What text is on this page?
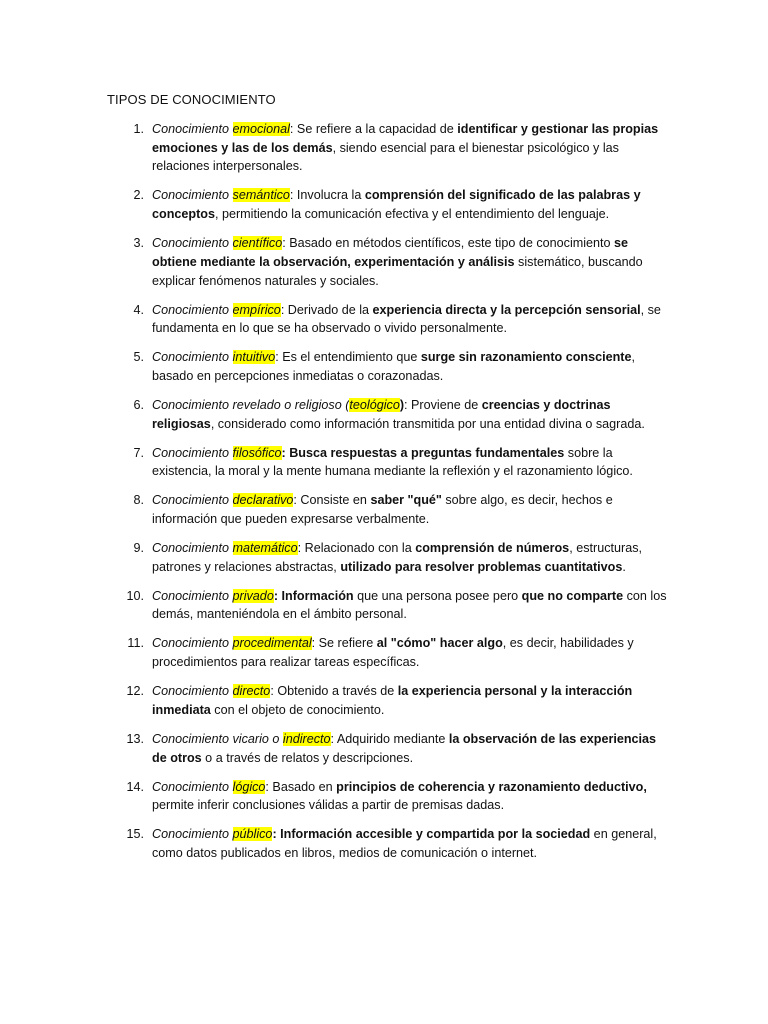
TIPOS DE CONOCIMIENTO
1. Conocimiento emocional: Se refiere a la capacidad de identificar y gestionar las propias emociones y las de los demás, siendo esencial para el bienestar psicológico y las relaciones interpersonales.
2. Conocimiento semántico: Involucra la comprensión del significado de las palabras y conceptos, permitiendo la comunicación efectiva y el entendimiento del lenguaje.
3. Conocimiento científico: Basado en métodos científicos, este tipo de conocimiento se obtiene mediante la observación, experimentación y análisis sistemático, buscando explicar fenómenos naturales y sociales.
4. Conocimiento empírico: Derivado de la experiencia directa y la percepción sensorial, se fundamenta en lo que se ha observado o vivido personalmente.
5. Conocimiento intuitivo: Es el entendimiento que surge sin razonamiento consciente, basado en percepciones inmediatas o corazonadas.
6. Conocimiento revelado o religioso (teológico): Proviene de creencias y doctrinas religiosas, considerado como información transmitida por una entidad divina o sagrada.
7. Conocimiento filosófico: Busca respuestas a preguntas fundamentales sobre la existencia, la moral y la mente humana mediante la reflexión y el razonamiento lógico.
8. Conocimiento declarativo: Consiste en saber "qué" sobre algo, es decir, hechos e información que pueden expresarse verbalmente.
9. Conocimiento matemático: Relacionado con la comprensión de números, estructuras, patrones y relaciones abstractas, utilizado para resolver problemas cuantitativos.
10. Conocimiento privado: Información que una persona posee pero que no comparte con los demás, manteniéndola en el ámbito personal.
11. Conocimiento procedimental: Se refiere al "cómo" hacer algo, es decir, habilidades y procedimientos para realizar tareas específicas.
12. Conocimiento directo: Obtenido a través de la experiencia personal y la interacción inmediata con el objeto de conocimiento.
13. Conocimiento vicario o indirecto: Adquirido mediante la observación de las experiencias de otros o a través de relatos y descripciones.
14. Conocimiento lógico: Basado en principios de coherencia y razonamiento deductivo, permite inferir conclusiones válidas a partir de premisas dadas.
15. Conocimiento público: Información accesible y compartida por la sociedad en general, como datos publicados en libros, medios de comunicación o internet.
